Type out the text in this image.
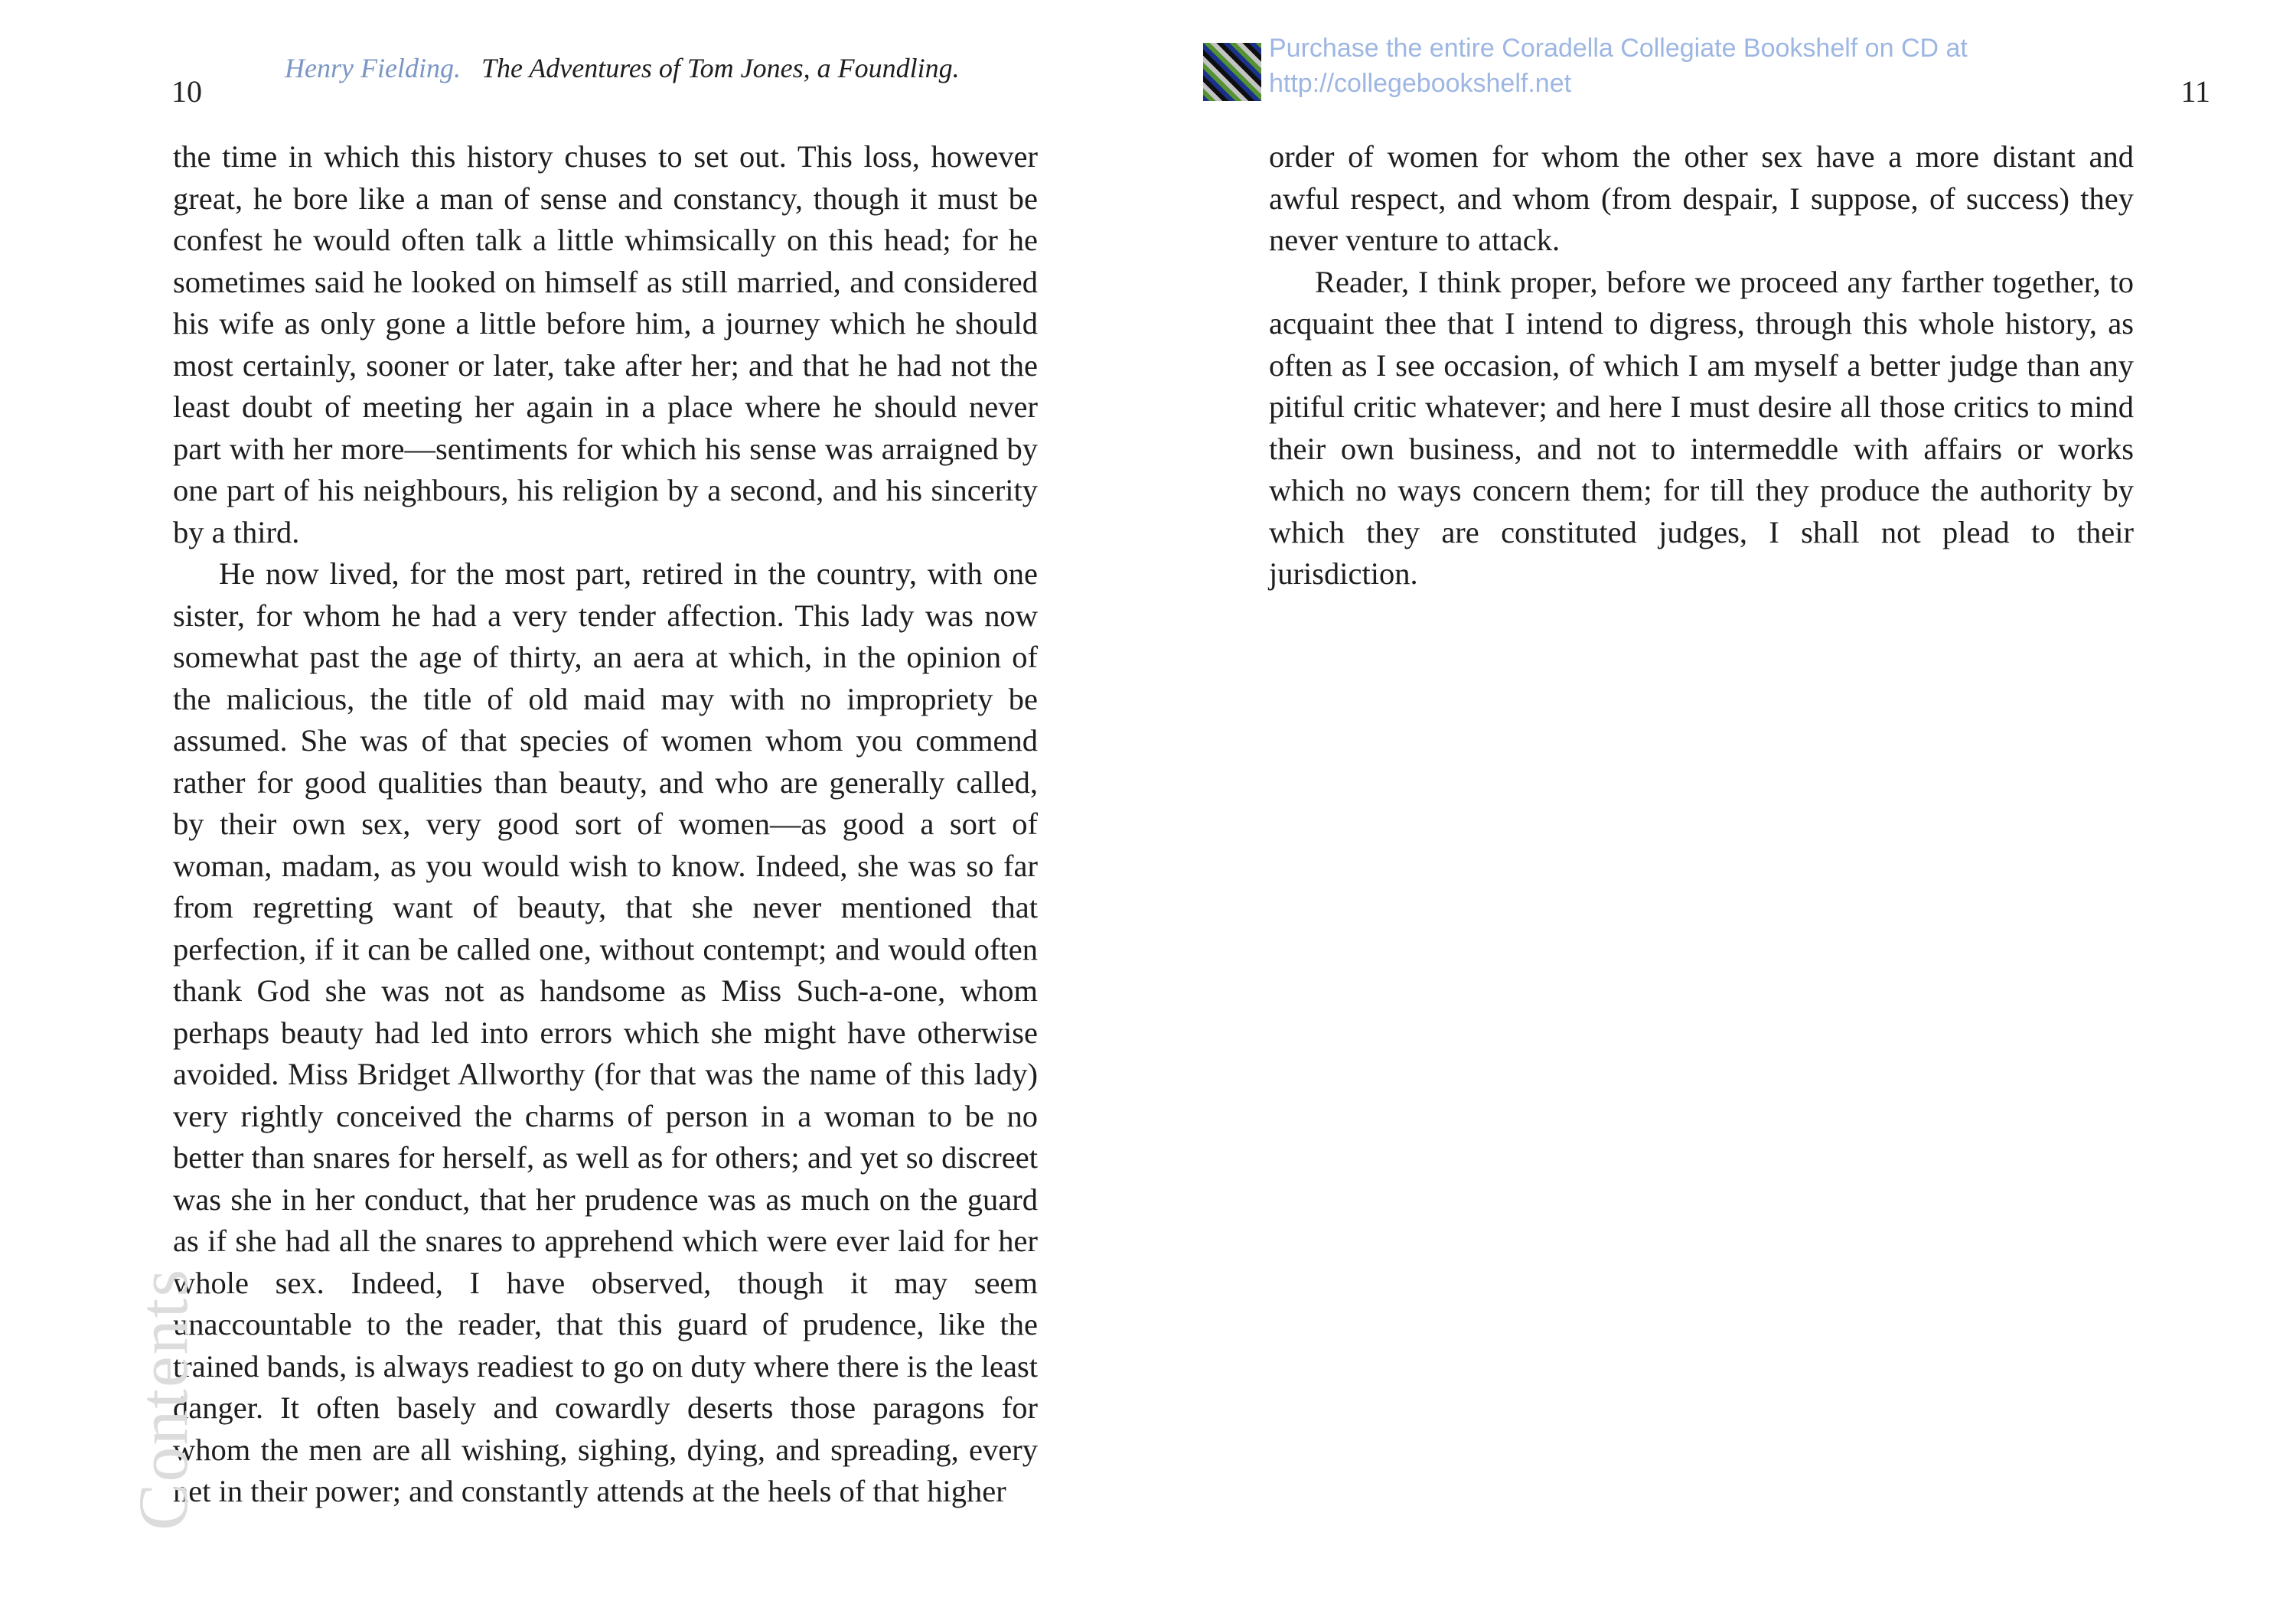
10
Henry Fielding. The Adventures of Tom Jones, a Foundling.

the time in which this history chuses to set out. This loss, however great, he bore like a man of sense and constancy, though it must be confest he would often talk a little whimsically on this head; for he sometimes said he looked on himself as still married, and considered his wife as only gone a little before him, a journey which he should most certainly, sooner or later, take after her; and that he had not the least doubt of meeting her again in a place where he should never part with her more—sentiments for which his sense was arraigned by one part of his neighbours, his religion by a second, and his sincerity by a third.

He now lived, for the most part, retired in the country, with one sister, for whom he had a very tender affection. This lady was now somewhat past the age of thirty, an aera at which, in the opinion of the malicious, the title of old maid may with no impropriety be assumed. She was of that species of women whom you commend rather for good qualities than beauty, and who are generally called, by their own sex, very good sort of women—as good a sort of woman, madam, as you would wish to know. Indeed, she was so far from regretting want of beauty, that she never mentioned that perfection, if it can be called one, without contempt; and would often thank God she was not as handsome as Miss Such-a-one, whom perhaps beauty had led into errors which she might have otherwise avoided. Miss Bridget Allworthy (for that was the name of this lady) very rightly conceived the charms of person in a woman to be no better than snares for herself, as well as for others; and yet so discreet was she in her conduct, that her prudence was as much on the guard as if she had all the snares to apprehend which were ever laid for her whole sex. Indeed, I have observed, though it may seem unaccountable to the reader, that this guard of prudence, like the trained bands, is always readiest to go on duty where there is the least danger. It often basely and cowardly deserts those paragons for whom the men are all wishing, sighing, dying, and spreading, every net in their power; and constantly attends at the heels of that higher

Contents
Purchase the entire Coradella Collegiate Bookshelf on CD at
http://collegebookshelf.net	11

order of women for whom the other sex have a more distant and awful respect, and whom (from despair, I suppose, of success) they never venture to attack.

Reader, I think proper, before we proceed any farther together, to acquaint thee that I intend to digress, through this whole history, as often as I see occasion, of which I am myself a better judge than any pitiful critic whatever; and here I must desire all those critics to mind their own business, and not to intermeddle with affairs or works which no ways concern them; for till they produce the authority by which they are constituted judges, I shall not plead to their jurisdiction.
